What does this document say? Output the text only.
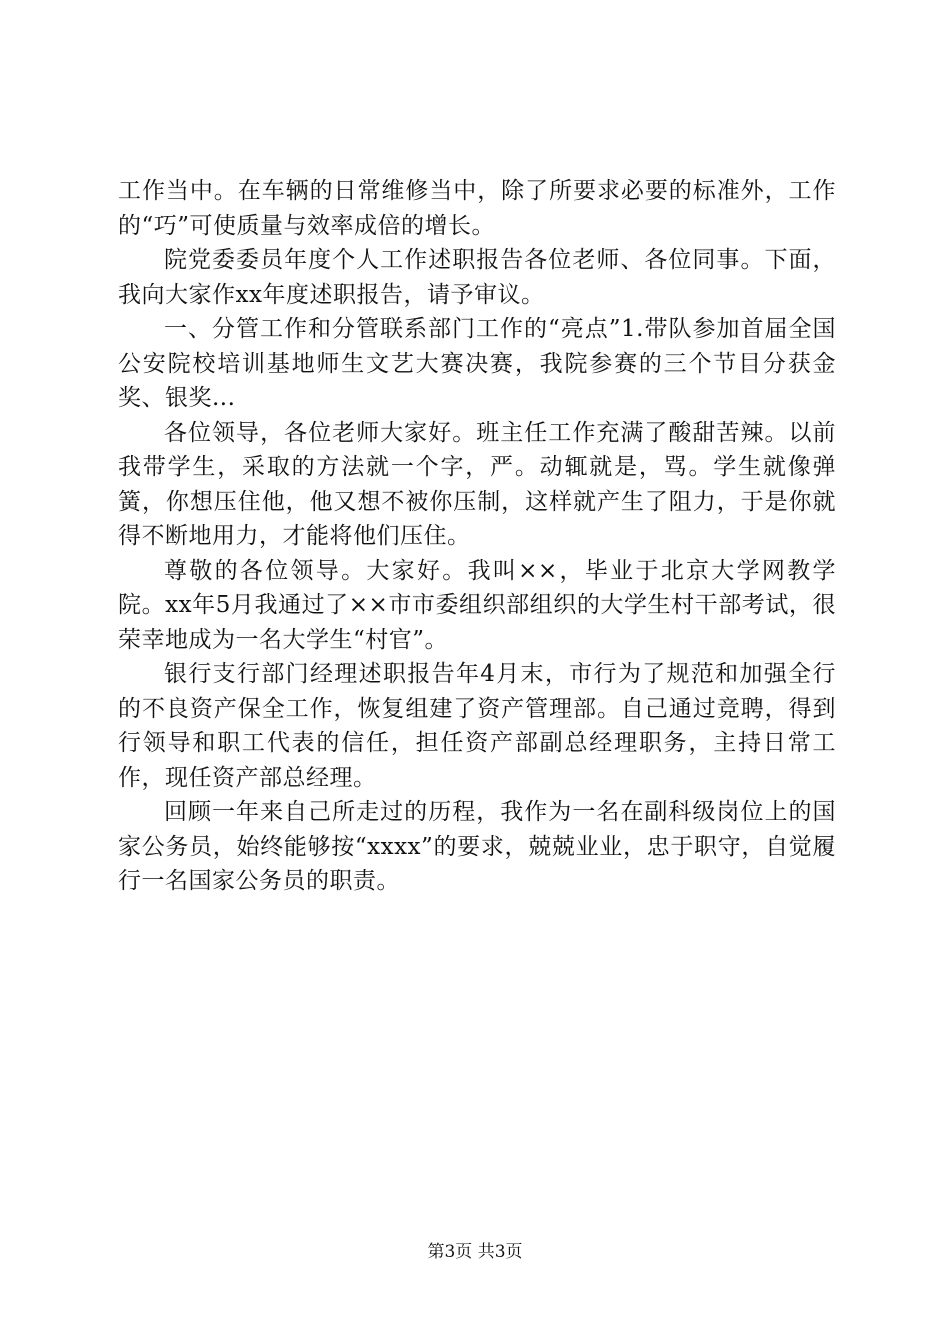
工作当中。在车辆的日常维修当中，除了所要求必要的标准外，工作的“巧”可使质量与效率成倍的增长。

院党委委员年度个人工作述职报告各位老师、各位同事。下面，我向大家作xx年度述职报告，请予审议。

一、分管工作和分管联系部门工作的“亮点”1.带队参加首届全国公安院校培训基地师生文艺大赛决赛，我院参赛的三个节目分获金奖、银奖...

各位领导，各位老师大家好。班主任工作充满了酸甜苦辣。以前我带学生，采取的方法就一个字，严。动辄就是，骂。学生就像弹簧，你想压住他，他又想不被你压制，这样就产生了阻力，于是你就得不断地用力，才能将他们压住。

尊敬的各位领导。大家好。我叫××，毕业于北京大学网教学院。xx年5月我通过了××市市委组织部组织的大学生村干部考试，很荣幸地成为一名大学生“村官”。

银行支行部门经理述职报告年4月末，市行为了规范和加强全行的不良资产保全工作，恢复组建了资产管理部。自己通过竞聘，得到行领导和职工代表的信任，担任资产部副总经理职务，主持日常工作，现任资产部总经理。

回顾一年来自己所走过的历程，我作为一名在副科级岗位上的国家公务员，始终能够按“xxxx”的要求，兢兢业业，忠于职守，自觉履行一名国家公务员的职责。

第3页 共3页
